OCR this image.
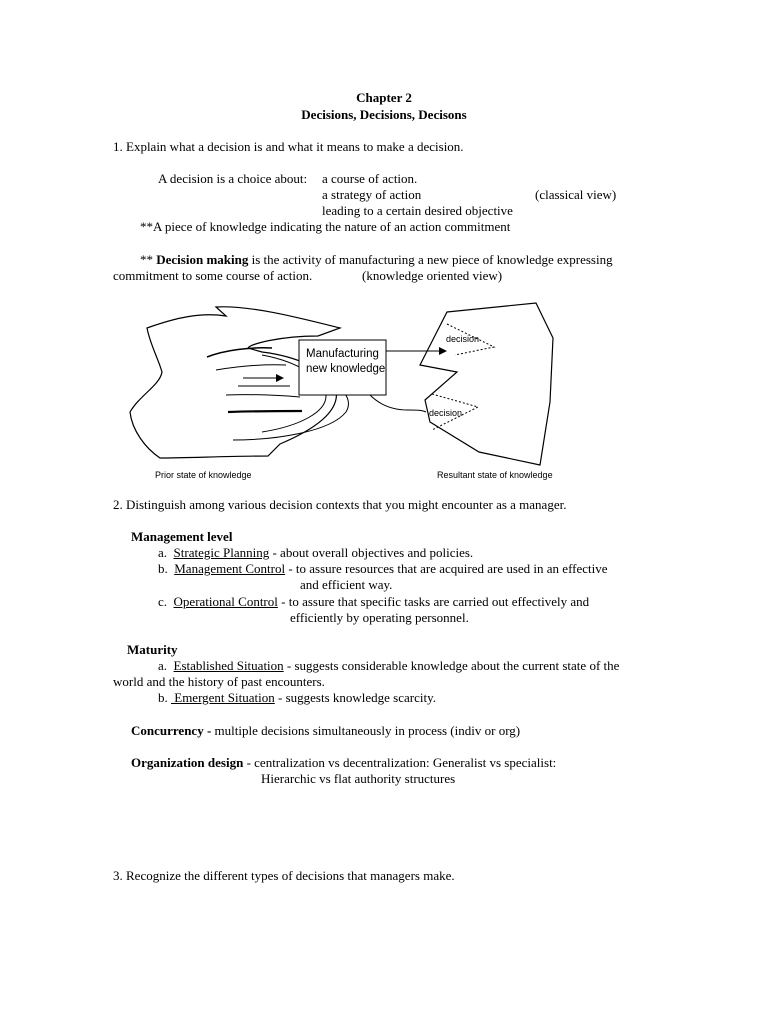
Chapter 2
Decisions, Decisions, Decisons
1. Explain what a decision is and what it means to make a decision.
A decision is a choice about: a course of action.
a strategy of action	(classical view)
leading to a certain desired objective
**A piece of knowledge indicating the nature of an action commitment
** Decision making is the activity of manufacturing a new piece of knowledge expressing
commitment to some course of action.	(knowledge oriented view)
Manufacturing
new knowledge
decision
decision
Prior state of knowledge	Resultant state of knowledge
2. Distinguish among various decision contexts that you might encounter as a manager.
Management level
a.  Strategic Planning - about overall objectives and policies.
b.  Management Control - to assure resources that are acquired are used in an effective
and efficient way.
c.  Operational Control - to assure that specific tasks are carried out effectively and
efficiently by operating personnel.
Maturity
a.  Established Situation - suggests considerable knowledge about the current state of the
world and the history of past encounters.
b.  Emergent Situation - suggests knowledge scarcity.
Concurrency - multiple decisions simultaneously in process (indiv or org)
Organization design - centralization vs decentralization: Generalist vs specialist:
Hierarchic vs flat authority structures
3. Recognize the different types of decisions that managers make.
